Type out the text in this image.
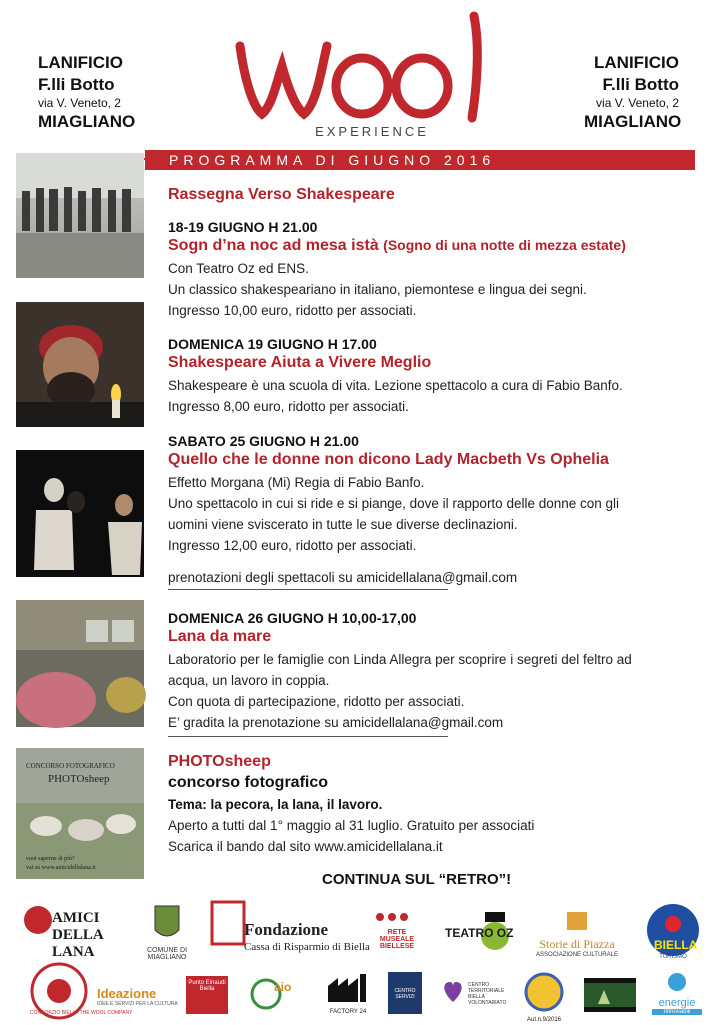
LANIFICIO
F.lli Botto
via V. Veneto, 2
MIAGLIANO
LANIFICIO
F.lli Botto
via V. Veneto, 2
MIAGLIANO
EXPERIENCE
PROGRAMMA DI GIUGNO 2016
CONCORSO FOTOGRAFICO
PHOTOsheep
vuoi saperne di più?
vai su www.amicidellalana.it
Rassegna Verso Shakespeare
18-19 GIUGNO H 21.00
Sogn d’na noc ad mesa istà (Sogno di una notte di mezza estate)
Con Teatro Oz ed ENS.
Un classico shakespeariano in italiano, piemontese e lingua dei segni.
Ingresso 10,00 euro, ridotto per associati.
DOMENICA 19 GIUGNO H 17.00
Shakespeare Aiuta a Vivere Meglio
Shakespeare è una scuola di vita. Lezione spettacolo a cura di Fabio Banfo.
Ingresso 8,00 euro, ridotto per associati.
SABATO 25 GIUGNO H 21.00
Quello che le donne non dicono Lady Macbeth Vs Ophelia
Effetto Morgana (Mi) Regia di Fabio Banfo.
Uno spettacolo in cui si ride e si piange, dove il rapporto delle donne con gli
uomini viene sviscerato in tutte le sue diverse declinazioni.
Ingresso 12,00 euro, ridotto per associati.
prenotazioni degli spettacoli su amicidellalana@gmail.com
DOMENICA 26 GIUGNO H 10,00-17,00
Lana da mare
Laboratorio per le famiglie con Linda Allegra per scoprire i segreti del feltro ad
acqua, un lavoro in coppia.
Con quota di partecipazione, ridotto per associati.
E’ gradita la prenotazione su amicidellalana@gmail.com
PHOTOsheep
concorso fotografico
Tema: la pecora, la lana, il lavoro.
Aperto a tutti dal 1° maggio al 31 luglio. Gratuito per associati
Scarica il bando dal sito www.amicidellalana.it
CONTINUA SUL “RETRO”!
AMICI DELLA LANA	COMUNE DI MIAGLIANO
Fondazione
Cassa di Risparmio di Biella
RETE MUSEALE BIELLESE
TEATRO OZ
Storie di Piazza
ASSOCIAZIONE CULTURALE
BIELLA
TURISMO
CONSORZIO BIELLA THE WOOL COMPANY
Ideazione
IDEE E SERVIZI PER LA CULTURA
Punto Einaudi
Biella	aio
FACTORY 24
CENTRO SERVIZI
CENTRO TERRITORIALE BIELLA VOLONTARIATO
Aut.n.9/2016
energie
rinnovabili
